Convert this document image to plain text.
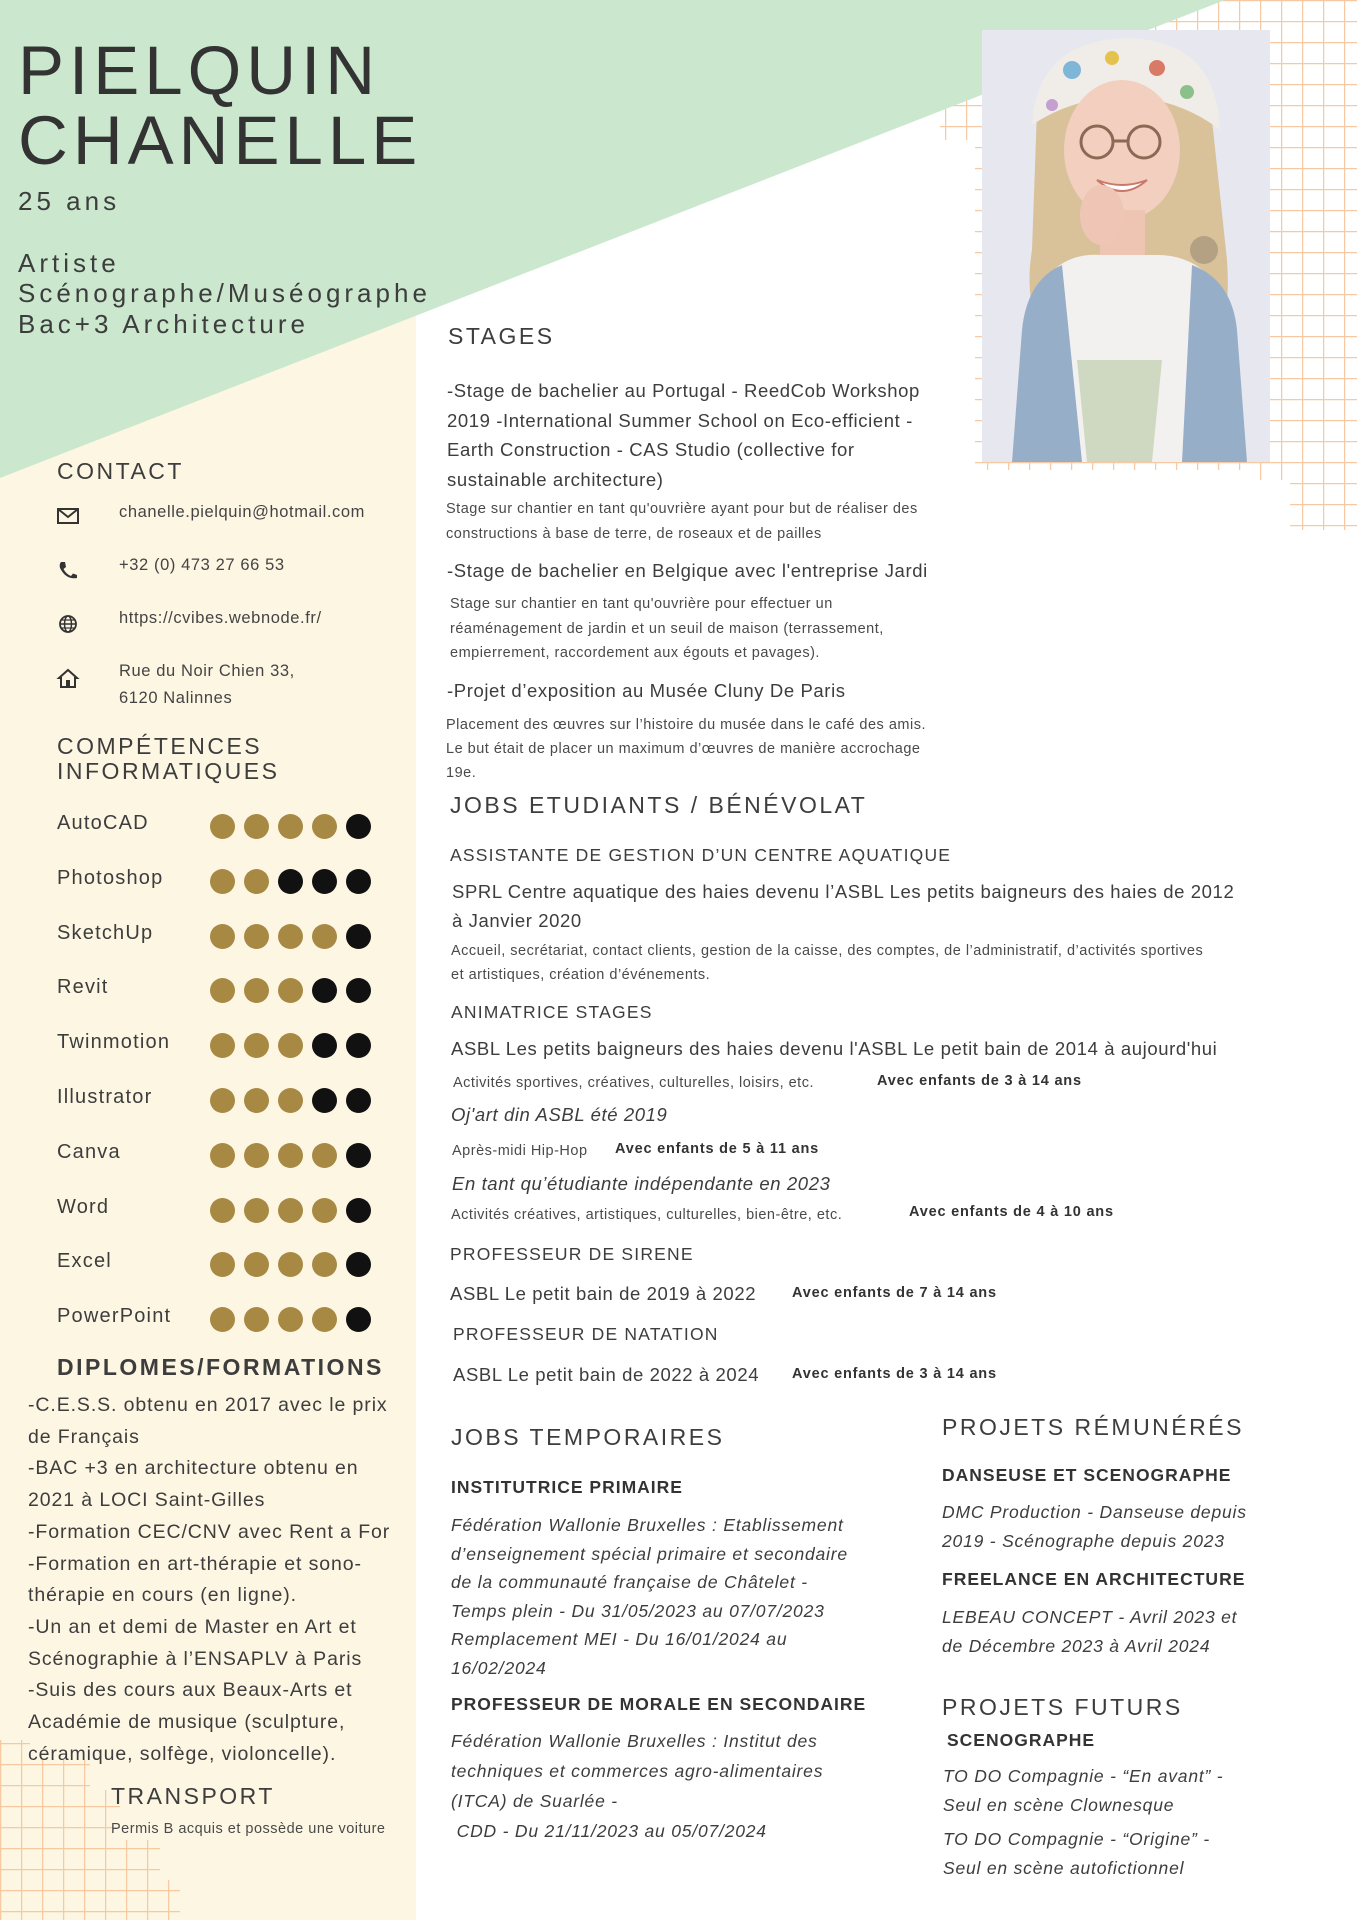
PIELQUIN
CHANELLE
25 ans
Artiste
Scénographe/Muséographe
Bac+3 Architecture
CONTACT
chanelle.pielquin@hotmail.com
+32 (0) 473 27 66 53
https://cvibes.webnode.fr/
Rue du Noir Chien 33,
6120 Nalinnes
COMPÉTENCES
INFORMATIQUES
AutoCAD
Photoshop
SketchUp
Revit
Twinmotion
Illustrator
Canva
Word
Excel
PowerPoint
DIPLOMES/FORMATIONS
-C.E.S.S. obtenu en 2017 avec le prix
de Français
-BAC +3 en architecture obtenu en
2021 à LOCI Saint-Gilles
-Formation CEC/CNV avec Rent a For
-Formation en art-thérapie et sono-
thérapie en cours (en ligne).
-Un an et demi de Master en Art et
Scénographie à l’ENSAPLV à Paris
-Suis des cours aux Beaux-Arts et
Académie de musique (sculpture,
céramique, solfège, violoncelle).
TRANSPORT
Permis B acquis et possède une voiture
STAGES
-Stage de bachelier au Portugal - ReedCob Workshop
2019 -International Summer School on Eco-efficient -
Earth Construction - CAS Studio (collective for
sustainable architecture)
Stage sur chantier en tant qu'ouvrière ayant pour but de réaliser des
constructions à base de terre, de roseaux et de pailles
-Stage de bachelier en Belgique avec l'entreprise Jardi
Stage sur chantier en tant qu'ouvrière pour effectuer un
réaménagement de jardin et un seuil de maison (terrassement,
empierrement, raccordement aux égouts et pavages).
-Projet d’exposition au Musée Cluny De Paris
Placement des œuvres sur l’histoire du musée dans le café des amis.
Le but était de placer un maximum d’œuvres de manière accrochage
19e.
JOBS ETUDIANTS / BÉNÉVOLAT
ASSISTANTE DE GESTION D’UN CENTRE AQUATIQUE
SPRL Centre aquatique des haies devenu l’ASBL Les petits baigneurs des haies de 2012
à Janvier 2020
Accueil, secrétariat, contact clients, gestion de la caisse, des comptes, de l’administratif, d’activités sportives
et artistiques, création d’événements.
ANIMATRICE STAGES
ASBL Les petits baigneurs des haies devenu l'ASBL Le petit bain de 2014 à aujourd'hui
Activités sportives, créatives, culturelles, loisirs, etc.	Avec enfants de 3 à 14 ans
Oj'art din ASBL été 2019
Après-midi Hip-Hop Avec enfants de 5 à 11 ans
En tant qu’étudiante indépendante en 2023
Activités créatives, artistiques, culturelles, bien-être, etc.	Avec enfants de 4 à 10 ans
PROFESSEUR DE SIRENE
ASBL Le petit bain de 2019 à 2022 Avec enfants de 7 à 14 ans
PROFESSEUR DE NATATION
ASBL Le petit bain de 2022 à 2024 Avec enfants de 3 à 14 ans
JOBS TEMPORAIRES
INSTITUTRICE PRIMAIRE
Fédération Wallonie Bruxelles : Etablissement
d’enseignement spécial primaire et secondaire
de la communauté française de Châtelet -
Temps plein - Du 31/05/2023 au 07/07/2023
Remplacement MEI - Du 16/01/2024 au
16/02/2024
PROFESSEUR DE MORALE EN SECONDAIRE
Fédération Wallonie Bruxelles : Institut des
techniques et commerces agro-alimentaires
(ITCA) de Suarlée -
CDD - Du 21/11/2023 au 05/07/2024
PROJETS RÉMUNÉRÉS
DANSEUSE ET SCENOGRAPHE
DMC Production - Danseuse depuis
2019 - Scénographe depuis 2023
FREELANCE EN ARCHITECTURE
LEBEAU CONCEPT - Avril 2023 et
de Décembre 2023 à Avril 2024
PROJETS FUTURS
SCENOGRAPHE
TO DO Compagnie - “En avant” -
Seul en scène Clownesque
TO DO Compagnie - “Origine” -
Seul en scène autofictionnel
